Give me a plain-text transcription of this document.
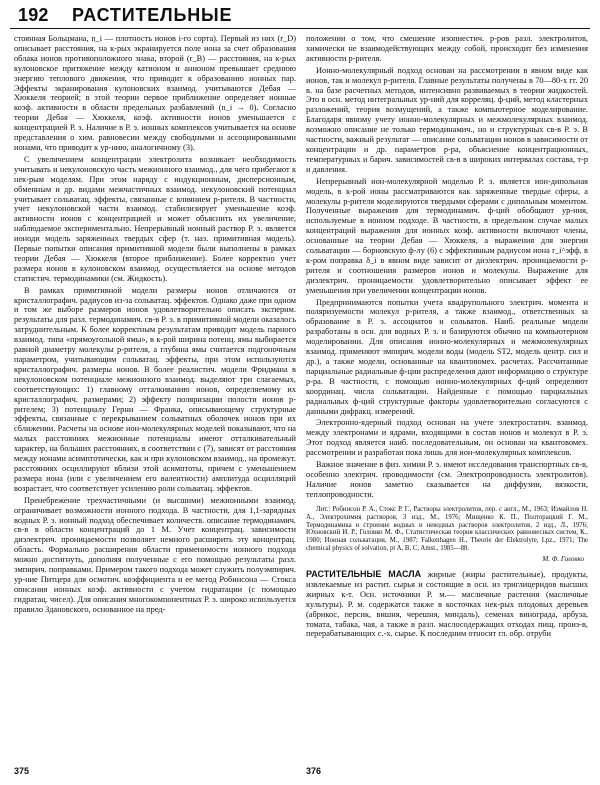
192 РАСТИТЕЛЬНЫЕ

стоянная Больцмана, n_i — плотность ионов i-го сорта). Первый из них (r_D) описывает расстояния, на к-рых экранируется поле иона за счет образования облака ионов противоположного знака, второй (r_B) — расстояния, на к-рых кулоновское притяжение между катионом и анионом превышает среднюю энергию теплового движения, что приводит к образованию ионных пар. Эффекты экранирования кулоновских взаимод. учитываются Дебая — Хюккеля теорией; в этой теории первое приближение определяет ионные коэф. активности в области предельных разбавлений (n_i → 0). Согласно теории Дебая — Хюккеля, коэф. активности ионов уменьшается с концентрацией Р. э. Наличие в Р. э. ионных комплексов учитывается на основе представления о хим. равновесии между свободными и ассоциированными ионами, что приводит к ур-нию, аналогичному (3).

С увеличением концентрации электролита возникает необходимость учитывать и некулоновскую часть межионного взаимод., для чего прибегают к нек-рым моделям. При этом наряду с индукционным, дисперсионным, обменным и др. видами межчастичных взаимод. некулоновский потенциал учитывает сольватац. эффекты, связанные с влиянием р-рителя. В частности, учет некулоновской части взаимод. стабилизирует уменьшение коэф. активности ионов с концентрацией и может объяснить их увеличение, наблюдаемое экспериментально. Непрерывный ионный раствор Р. э. является ионоди модель заряженных твердых сфер (т. наз. примитивная модель). Первые попытки описания примитивной модели были выполнены в рамках теории Дебая — Хюккеля (второе приближение). Более корректно учет размера ионов в кулоновском взаимод. осуществляется на основе методов статистич. термодинамики (см. Жидкость).

В рамках примитивной модели размеры ионов отличаются от кристаллографич. радиусов из-за сольватац. эффектов. Однако даже при одном и том же выборе размеров ионов удовлетворительно описать эксперим. результаты для разл. термодинамич. св-в Р. э. в примитивной модели оказалось затруднительным. К более корректным результатам приводит модель парного взаимод. типа «прямоугольной ямы», в к-рой ширина потенц. ямы выбирается равной диаметру молекулы р-рителя, а глубина ямы считается подгоночным параметром, учитывающим сольватац. эффекты, при этом используются кристаллографич. размеры ионов. В более реалистич. модели Фридмана в некулоновском потенциале межионного взаимод. выделяют три слагаемых, соответствующих: 1) главному отталкиванию ионов, определяемому их кристаллографич. размерами; 2) эффекту поляризации полости ионов р-рителем; 3) потенциалу Герни — Франка, описывающему структурные эффекты, связанные с перекрыванием сольватных оболочек ионов при их сближении. Расчеты на основе ион-молекулярных моделей показывают, что на малых расстояниях межионные потенциалы имеют отталкивательный характер, на больших расстояниях, в соответствии с (7), зависят от расстояния между ионами асимптотически, как и при кулоновском взаимод., на промежут. расстояниях осциллируют вблизи этой асимптоты, причем с уменьшением размера иона (или с увеличением его валентности) амплитуда осцилляций возрастает, что соответствует усилению роли сольватац. эффектов.

Пренебрежение трехчастичными (и высшими) межионными взаимод. ограничивает возможности ионного подхода. В частности, для 1,1-зарядных водных Р. э. ионный подход обеспечивает количеств. описание термодинамич. св-в в области концентраций до 1 М. Учет концентрац. зависимости диэлектрич. проницаемости позволяет немного расширить эту концентрац. область. Формально расширения области применимости ионного подхода можно достигнуть, дополняя полученные с его помощью результаты разл. эмпирич. поправками. Примером такого подхода может служить полуэмпирич. ур-ние Питцера для осмотич. коэффициента и ее метод Робинсона — Стокса описания ионных коэф. активности с учетом гидратации (с помощью гидратац. чисел). Для описания многокомпонентных Р. э. широко используется правило Здановского, основанное на пред-

положении о том, что смешение изопиестич. р-ров разл. электролитов, химически не взаимодействующих между собой, происходит без изменения активности р-рителя.

Ионно-молекулярный подход основан на рассмотрении в явном виде как ионов, так и молекул р-рителя. Главные результаты получены в 70—80-х гг. 20 в. на базе расчетных методов, интенсивно развиваемых в теории жидкостей. Это в осн. метод интегральных ур-ний для корреляц. ф-ций, метод кластерных разложений, теория возмущений, а также компьютерное моделирование. Благодаря явному учету ионно-молекулярных и межмолекулярных взаимод. возможно описание не только термодинамич., но и структурных св-в Р. э. В частности, важный результат — описание сольватации ионов в зависимости от концентрации и др. параметров р-ра, объяснение концентрационных, температурных и барич. зависимостей св-в в широких интервалах состава, т-р и давления.

Непрерывный ион-молекулярной моделью Р. э. является ион-дипольная модель, в к-рой ионы рассматриваются как заряженные твердые сферы, а молекулы р-рителя моделируются твердыми сферами с дипольным моментом. Полученные выражения для термодинамич. ф-ций обобщают ур-ния, используемые в ионном подходе. В частности, в предельном случае малых концентраций выражения для ионных коэф. активности включают члены, основанные на теории Дебая — Хюккеля, а выражения для энергии сольватации — борновскую ф-лу (6) с эффективным радиусом иона r_i^эфф, в к-ром поправка δ_i в явном виде зависит от диэлектрич. проницаемости р-рителя и соотношения размеров ионов и молекулы. Выражение для диэлектрич. проницаемости удовлетворительно описывает эффект ее уменьшения при увеличении концентрации ионов.

Предпринимаются попытки учета квадрупольного электрич. момента и поляризуемости молекул р-рителя, а также взаимод., ответственных за образование в Р. э. ассоциатов и сольватов. Наиб. реальные модели разработаны в осн. для водных Р. э. и базируются обычно на компьютерном моделировании. Для описания ионно-молекулярных и межмолекулярных взаимод. применяют эмпирич. модели воды (модель ST2, модель центр. сил и др.), а также модели, основанные на квантовомех. расчетах. Рассчитанные парциальные радиальные ф-ции распределения дают информацию о структуре р-ра. В частности, с помощью ионно-молекулярных ф-ций определяют координац. числа сольватации. Найденные с помощью парциальных радиальных ф-ций структурные факторы удовлетворительно согласуются с данными дифракц. измерений.

Электронно-ядерный подход основан на учете электростатич. взаимод. между электронами и ядрами, входящими в состав ионов и молекул в Р. э. Этот подход является наиб. последовательным, он основан на квантовомех. рассмотрении и разработан пока лишь для ион-молекулярных комплексов.

Важное значение в физ. химии Р. э. имеют исследования транспортных св-в, особенно электрич. проводимости (см. Электропроводность электролитов). Наличие ионов заметно сказывается на диффузии, вязкости, теплопроводности.

Лит.: Робинсон Р. А., Стокс Р. Г., Растворы электролитов, пер. с англ., М., 1963; Измайлов Н. А., Электрохимия растворов, 3 изд., М., 1976; Мищенко К. П., Полторацкий Г. М., Термодинамика и строение водных и неводных растворов электролитов, 2 изд., Л., 1976; Юхновский И. Р., Головко М. Ф., Статистическая теория классических равновесных систем, К., 1980; Ионная сольватация, М., 1987; Falkenhagen H., Theorie der Elektrolyte, Lpz., 1971; The chemical physics of solvation, pt A, B, C, Amst., 1985—88.
М. Ф. Головко

РАСТИТЕЛЬНЫЕ МАСЛА жирные (жиры растительные), продукты, извлекаемые из растит. сырья и состоящие в осн. из триглицеридов высших жирных к-т. Осн. источники Р. м.— масличные растения (масличные культуры). Р. м. содержатся также в косточках нек-рых плодовых деревьев (абрикос, персик, вишня, черешня, миндаль), семенах винограда, арбуза, томата, табака, чая, а также в разл. маслосодержащих отходах пищ. произ-в, перерабатывающих с.-х. сырье. К последним относят гл. обр. отруби

375	376
